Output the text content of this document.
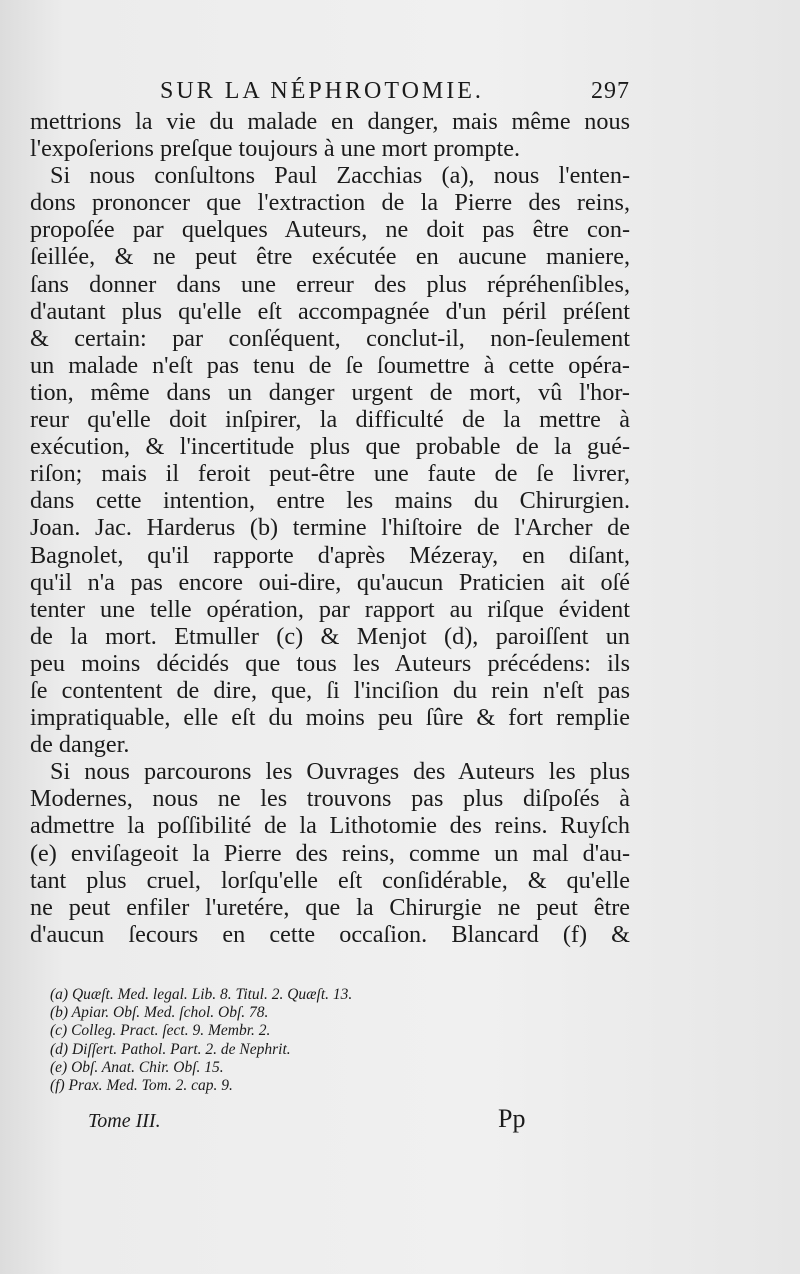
SUR LA NÉPHROTOMIE.	297
mettrions la vie du malade en danger, mais même nous
l'expoſerions preſque toujours à une mort prompte.
Si nous conſultons Paul Zacchias (a), nous l'enten-
dons prononcer que l'extraction de la Pierre des reins,
propoſée par quelques Auteurs, ne doit pas être con-
ſeillée, & ne peut être exécutée en aucune maniere,
ſans donner dans une erreur des plus répréhenſibles,
d'autant plus qu'elle eſt accompagnée d'un péril préſent
& certain: par conſéquent, conclut-il, non-ſeulement
un malade n'eſt pas tenu de ſe ſoumettre à cette opéra-
tion, même dans un danger urgent de mort, vû l'hor-
reur qu'elle doit inſpirer, la difficulté de la mettre à
exécution, & l'incertitude plus que probable de la gué-
riſon; mais il feroit peut-être une faute de ſe livrer,
dans cette intention, entre les mains du Chirurgien.
Joan. Jac. Harderus (b) termine l'hiſtoire de l'Archer de
Bagnolet, qu'il rapporte d'après Mézeray, en diſant,
qu'il n'a pas encore oui-dire, qu'aucun Praticien ait oſé
tenter une telle opération, par rapport au riſque évident
de la mort. Etmuller (c) & Menjot (d), paroiſſent un
peu moins décidés que tous les Auteurs précédens: ils
ſe contentent de dire, que, ſi l'inciſion du rein n'eſt pas
impratiquable, elle eſt du moins peu ſûre & fort remplie
de danger.
Si nous parcourons les Ouvrages des Auteurs les plus
Modernes, nous ne les trouvons pas plus diſpoſés à
admettre la poſſibilité de la Lithotomie des reins. Ruyſch
(e) enviſageoit la Pierre des reins, comme un mal d'au-
tant plus cruel, lorſqu'elle eſt conſidérable, & qu'elle
ne peut enfiler l'uretére, que la Chirurgie ne peut être
d'aucun ſecours en cette occaſion. Blancard (f) &
(a) Quæſt. Med. legal. Lib. 8. Titul. 2. Quæſt. 13.
(b) Apiar. Obſ. Med. ſchol. Obſ. 78.
(c) Colleg. Pract. ſect. 9. Membr. 2.
(d) Diſſert. Pathol. Part. 2. de Nephrit.
(e) Obſ. Anat. Chir. Obſ. 15.
(f) Prax. Med. Tom. 2. cap. 9.
Tome III.	Pp
